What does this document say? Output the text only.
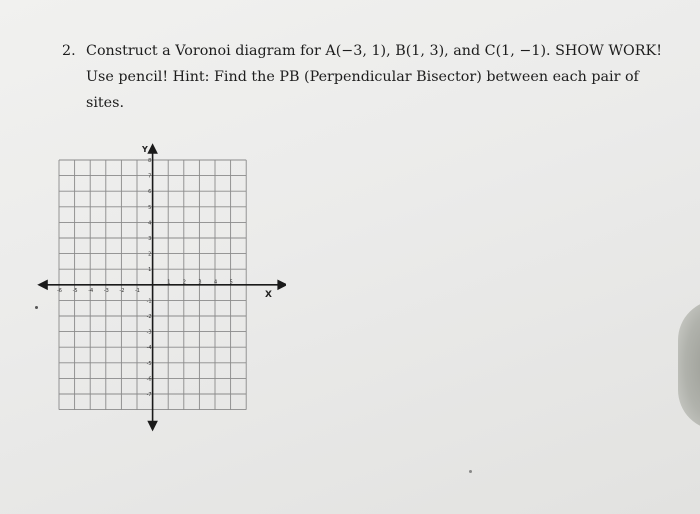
2. Construct a Voronoi diagram for A(−3, 1), B(1, 3), and C(1, −1). SHOW WORK! Use pencil! Hint: Find the PB (Perpendicular Bisector) between each pair of sites.
-6 -5 -4 -3 -2 -1
1 2 3 4 5
1
2
3
4
5
6
7
8
-1
-2
-3
-4
-5
-6
-7
X
Y
